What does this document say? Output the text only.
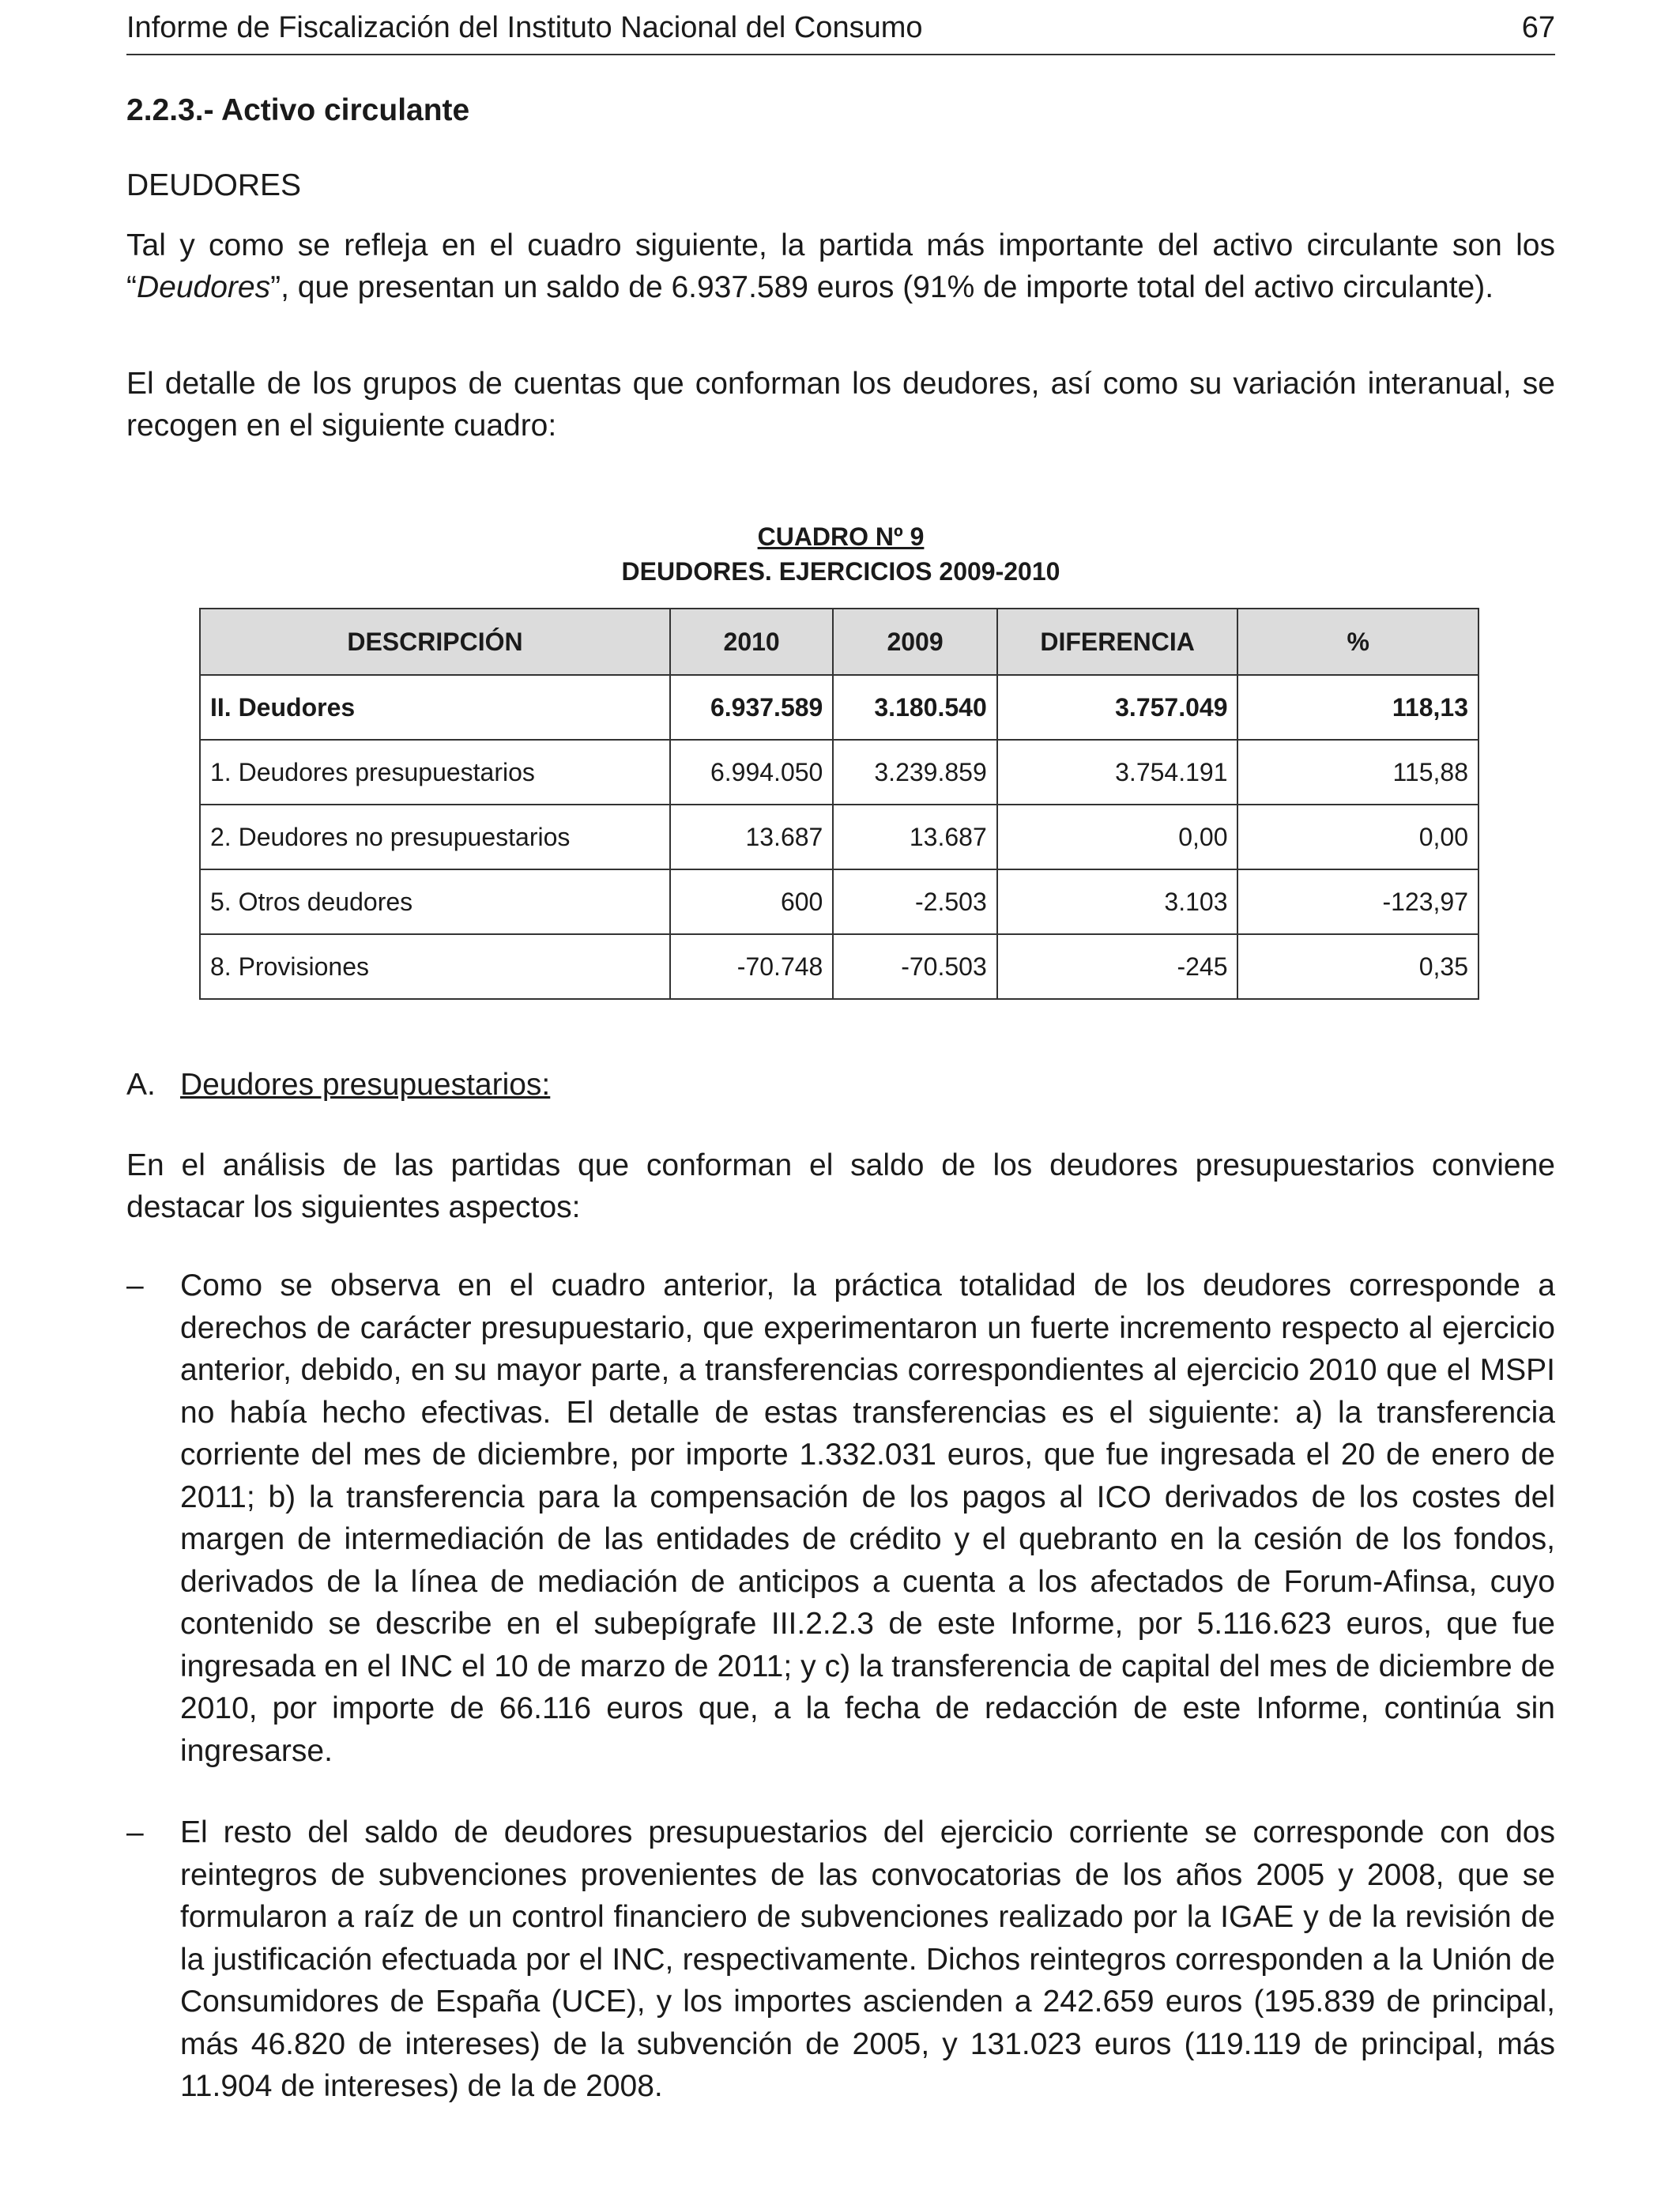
Informe de Fiscalización del Instituto Nacional del Consumo	67
2.2.3.- Activo circulante
DEUDORES

Tal y como se refleja en el cuadro siguiente, la partida más importante del activo circulante son los “Deudores”, que presentan un saldo de 6.937.589 euros (91% de importe total del activo circulante).

El detalle de los grupos de cuentas que conforman los deudores, así como su variación interanual, se recogen en el siguiente cuadro:

CUADRO Nº 9
DEUDORES. EJERCICIOS 2009-2010
DESCRIPCIÓN	2010	2009	DIFERENCIA	%
II. Deudores	6.937.589	3.180.540	3.757.049	118,13
1. Deudores presupuestarios	6.994.050	3.239.859	3.754.191	115,88
2. Deudores no presupuestarios	13.687	13.687	0,00	0,00
5. Otros deudores	600	-2.503	3.103	-123,97
8. Provisiones	-70.748	-70.503	-245	0,35
A. Deudores presupuestarios:

En el análisis de las partidas que conforman el saldo de los deudores presupuestarios conviene destacar los siguientes aspectos:

–	Como se observa en el cuadro anterior, la práctica totalidad de los deudores corresponde a derechos de carácter presupuestario, que experimentaron un fuerte incremento respecto al ejercicio anterior, debido, en su mayor parte, a transferencias correspondientes al ejercicio 2010 que el MSPI no había hecho efectivas. El detalle de estas transferencias es el siguiente: a) la transferencia corriente del mes de diciembre, por importe 1.332.031 euros, que fue ingresada el 20 de enero de 2011; b) la transferencia para la compensación de los pagos al ICO derivados de los costes del margen de intermediación de las entidades de crédito y el quebranto en la cesión de los fondos, derivados de la línea de mediación de anticipos a cuenta a los afectados de Forum-Afinsa, cuyo contenido se describe en el subepígrafe III.2.2.3 de este Informe, por 5.116.623 euros, que fue ingresada en el INC el 10 de marzo de 2011; y c) la transferencia de capital del mes de diciembre de 2010, por importe de 66.116 euros que, a la fecha de redacción de este Informe, continúa sin ingresarse.
–	El resto del saldo de deudores presupuestarios del ejercicio corriente se corresponde con dos reintegros de subvenciones provenientes de las convocatorias de los años 2005 y 2008, que se formularon a raíz de un control financiero de subvenciones realizado por la IGAE y de la revisión de la justificación efectuada por el INC, respectivamente. Dichos reintegros corresponden a la Unión de Consumidores de España (UCE), y los importes ascienden a 242.659 euros (195.839 de principal, más 46.820 de intereses) de la subvención de 2005, y 131.023 euros (119.119 de principal, más 11.904 de intereses) de la de 2008.
